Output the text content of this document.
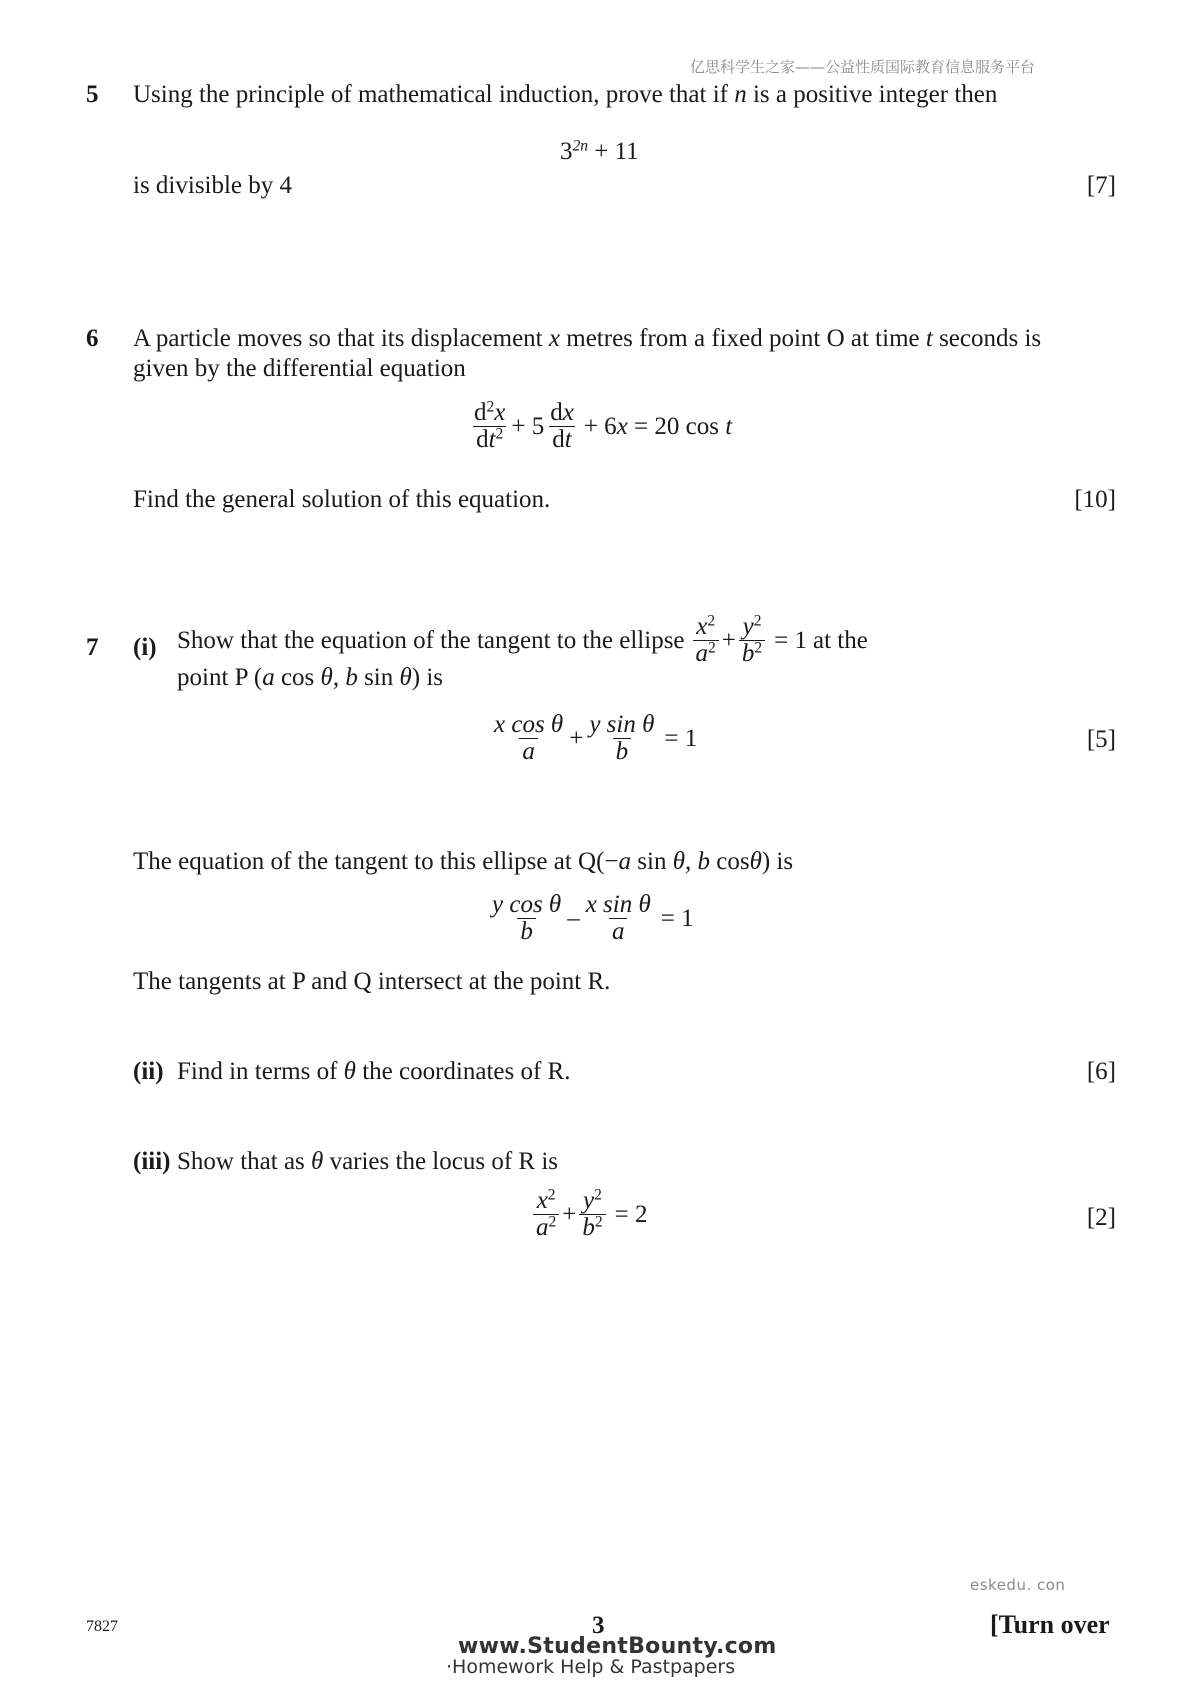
亿思科学生之家——公益性质国际教育信息服务平台
5 Using the principle of mathematical induction, prove that if n is a positive integer then
$3^{2n} + 11$
is divisible by 4	[7]
6 A particle moves so that its displacement x metres from a fixed point O at time t seconds is
given by the differential equation
$\frac{d^2x}{dt^2} + 5 \frac{dx}{dt} + 6x = 20$ cos t
Find the general solution of this equation.	[10]
7 (i) Show that the equation of the tangent to the ellipse $\frac{x^2}{a^2} + \frac{y^2}{b^2} = 1$ at the
point P (a cos θ, b sin θ) is
$\frac{\text{x cos θ}}{a} + \frac{\text{y sin θ}}{b} = 1$	[5]
The equation of the tangent to this ellipse at Q(−a sin θ, b cosθ) is
$\frac{\text{y cos θ}}{b} - \frac{\text{x sin θ}}{a} = 1$
The tangents at P and Q intersect at the point R.
(ii) Find in terms of θ the coordinates of R.	[6]
(iii) Show that as θ varies the locus of R is
$\frac{x^2}{a^2} + \frac{y^2}{b^2} = 2$	[2]
eskedu. con
7827	3	[Turn over
www.StudentBounty.com
·Homework Help & Pastpapers
